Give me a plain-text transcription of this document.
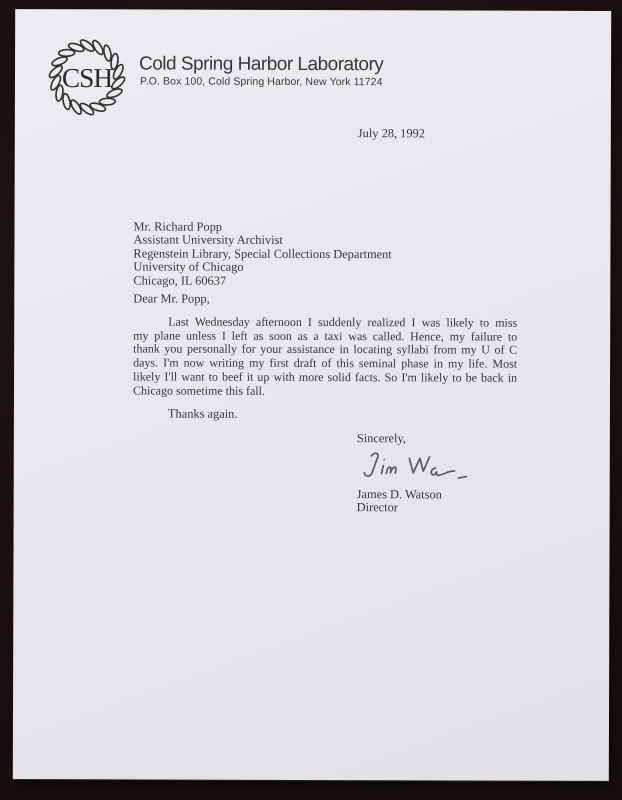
CSH Cold Spring Harbor Laboratory
P.O. Box 100, Cold Spring Harbor, New York 11724
July 28, 1992
Mr. Richard Popp
Assistant University Archivist
Regenstein Library, Special Collections Department
University of Chicago
Chicago, IL 60637
Dear Mr. Popp,
Last Wednesday afternoon I suddenly realized I was likely to miss
my plane unless I left as soon as a taxi was called. Hence, my failure to
thank you personally for your assistance in locating syllabi from my U of C
days. I'm now writing my first draft of this seminal phase in my life. Most
likely I'll want to beef it up with more solid facts. So I'm likely to be back in
Chicago sometime this fall.
Thanks again.
Sincerely,
James D. Watson
Director
